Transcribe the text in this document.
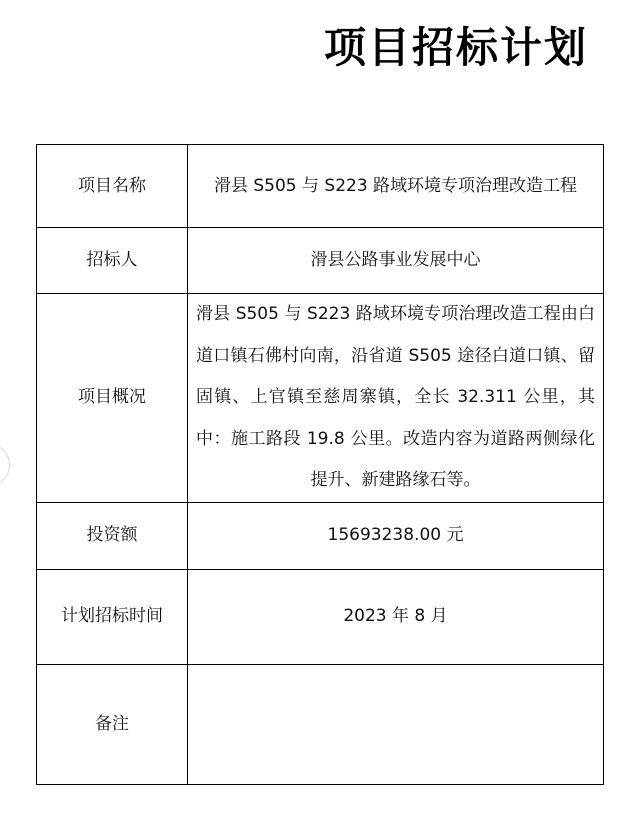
项目招标计划
项目名称	滑县 S505 与 S223 路域环境专项治理改造工程
招标人	滑县公路事业发展中心
项目概况	滑县 S505 与 S223 路域环境专项治理改造工程由白道口镇石佛村向南，沿省道 S505 途径白道口镇、留固镇、上官镇至慈周寨镇，全长 32.311 公里，其中：施工路段 19.8 公里。改造内容为道路两侧绿化提升、新建路缘石等。
投资额	15693238.00 元
计划招标时间	2023 年 8 月
备注	
